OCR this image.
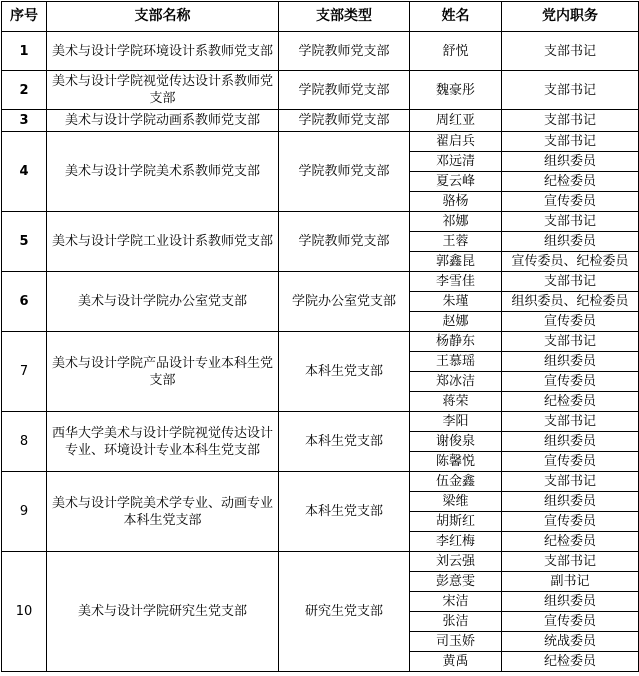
序号	支部名称	支部类型	姓名	党内职务
1	美术与设计学院环境设计系教师党支部	学院教师党支部	舒悦	支部书记
2	美术与设计学院视觉传达设计系教师党支部	学院教师党支部	魏豪彤	支部书记
3	美术与设计学院动画系教师党支部	学院教师党支部	周红亚	支部书记
4	美术与设计学院美术系教师党支部	学院教师党支部	翟启兵	支部书记
			邓远清	组织委员
			夏云峰	纪检委员
			骆杨	宣传委员
5	美术与设计学院工业设计系教师党支部	学院教师党支部	祁娜	支部书记
			王蓉	组织委员
			郭鑫昆	宣传委员、纪检委员
6	美术与设计学院办公室党支部	学院办公室党支部	李雪佳	支部书记
			朱瑾	组织委员、纪检委员
			赵娜	宣传委员
7	美术与设计学院产品设计专业本科生党支部	本科生党支部	杨静东	支部书记
			王慕瑶	组织委员
			郑冰洁	宣传委员
			蒋荣	纪检委员
8	西华大学美术与设计学院视觉传达设计专业、环境设计专业本科生党支部	本科生党支部	李阳	支部书记
			谢俊泉	组织委员
			陈馨悦	宣传委员
9	美术与设计学院美术学专业、动画专业本科生党支部	本科生党支部	伍金鑫	支部书记
			梁维	组织委员
			胡斯红	宣传委员
			李红梅	纪检委员
10	美术与设计学院研究生党支部	研究生党支部	刘云强	支部书记
			彭意雯	副书记
			宋洁	组织委员
			张洁	宣传委员
			司玉娇	统战委员
			黄禹	纪检委员
